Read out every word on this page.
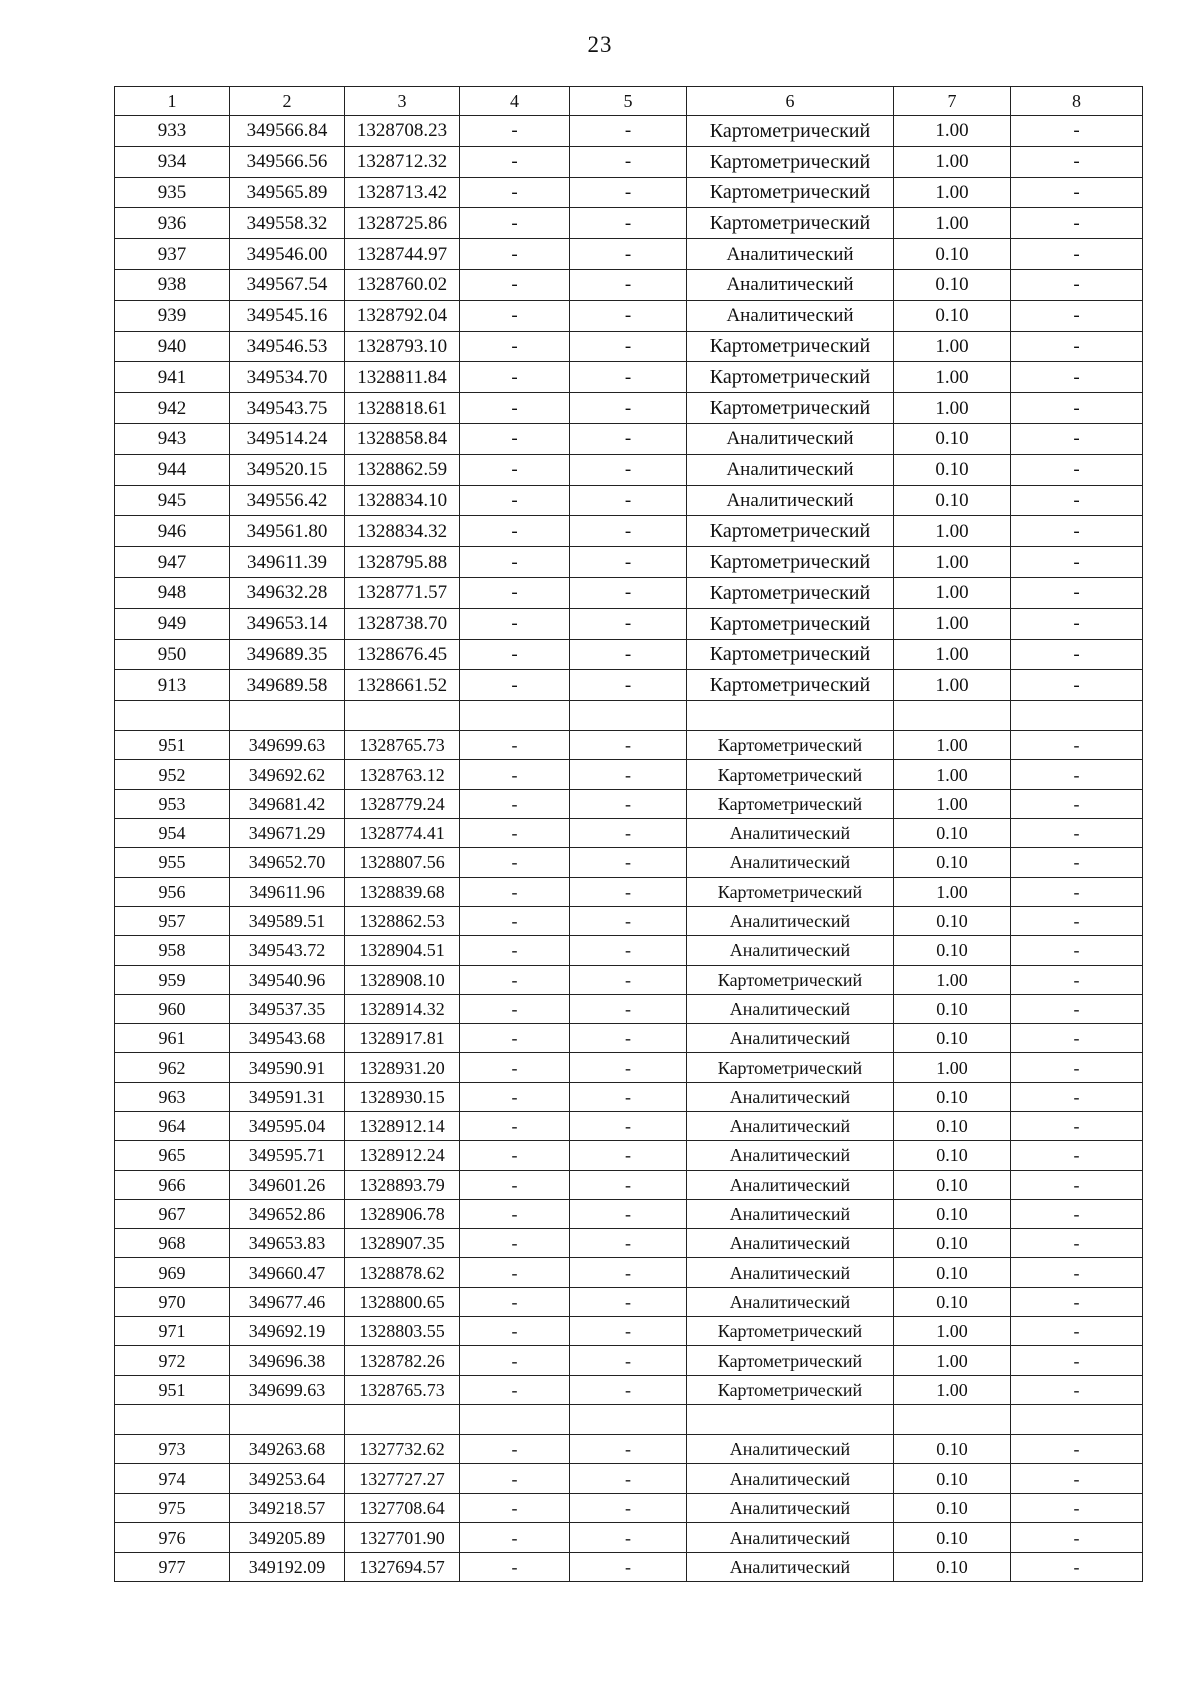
23
1	2	3	4	5	6	7	8
933	349566.84	1328708.23	-	-	Картометрический	1.00	-
934	349566.56	1328712.32	-	-	Картометрический	1.00	-
935	349565.89	1328713.42	-	-	Картометрический	1.00	-
936	349558.32	1328725.86	-	-	Картометрический	1.00	-
937	349546.00	1328744.97	-	-	Аналитический	0.10	-
938	349567.54	1328760.02	-	-	Аналитический	0.10	-
939	349545.16	1328792.04	-	-	Аналитический	0.10	-
940	349546.53	1328793.10	-	-	Картометрический	1.00	-
941	349534.70	1328811.84	-	-	Картометрический	1.00	-
942	349543.75	1328818.61	-	-	Картометрический	1.00	-
943	349514.24	1328858.84	-	-	Аналитический	0.10	-
944	349520.15	1328862.59	-	-	Аналитический	0.10	-
945	349556.42	1328834.10	-	-	Аналитический	0.10	-
946	349561.80	1328834.32	-	-	Картометрический	1.00	-
947	349611.39	1328795.88	-	-	Картометрический	1.00	-
948	349632.28	1328771.57	-	-	Картометрический	1.00	-
949	349653.14	1328738.70	-	-	Картометрический	1.00	-
950	349689.35	1328676.45	-	-	Картометрический	1.00	-
913	349689.58	1328661.52	-	-	Картометрический	1.00	-

951	349699.63	1328765.73	-	-	Картометрический	1.00	-
952	349692.62	1328763.12	-	-	Картометрический	1.00	-
953	349681.42	1328779.24	-	-	Картометрический	1.00	-
954	349671.29	1328774.41	-	-	Аналитический	0.10	-
955	349652.70	1328807.56	-	-	Аналитический	0.10	-
956	349611.96	1328839.68	-	-	Картометрический	1.00	-
957	349589.51	1328862.53	-	-	Аналитический	0.10	-
958	349543.72	1328904.51	-	-	Аналитический	0.10	-
959	349540.96	1328908.10	-	-	Картометрический	1.00	-
960	349537.35	1328914.32	-	-	Аналитический	0.10	-
961	349543.68	1328917.81	-	-	Аналитический	0.10	-
962	349590.91	1328931.20	-	-	Картометрический	1.00	-
963	349591.31	1328930.15	-	-	Аналитический	0.10	-
964	349595.04	1328912.14	-	-	Аналитический	0.10	-
965	349595.71	1328912.24	-	-	Аналитический	0.10	-
966	349601.26	1328893.79	-	-	Аналитический	0.10	-
967	349652.86	1328906.78	-	-	Аналитический	0.10	-
968	349653.83	1328907.35	-	-	Аналитический	0.10	-
969	349660.47	1328878.62	-	-	Аналитический	0.10	-
970	349677.46	1328800.65	-	-	Аналитический	0.10	-
971	349692.19	1328803.55	-	-	Картометрический	1.00	-
972	349696.38	1328782.26	-	-	Картометрический	1.00	-
951	349699.63	1328765.73	-	-	Картометрический	1.00	-

973	349263.68	1327732.62	-	-	Аналитический	0.10	-
974	349253.64	1327727.27	-	-	Аналитический	0.10	-
975	349218.57	1327708.64	-	-	Аналитический	0.10	-
976	349205.89	1327701.90	-	-	Аналитический	0.10	-
977	349192.09	1327694.57	-	-	Аналитический	0.10	-
